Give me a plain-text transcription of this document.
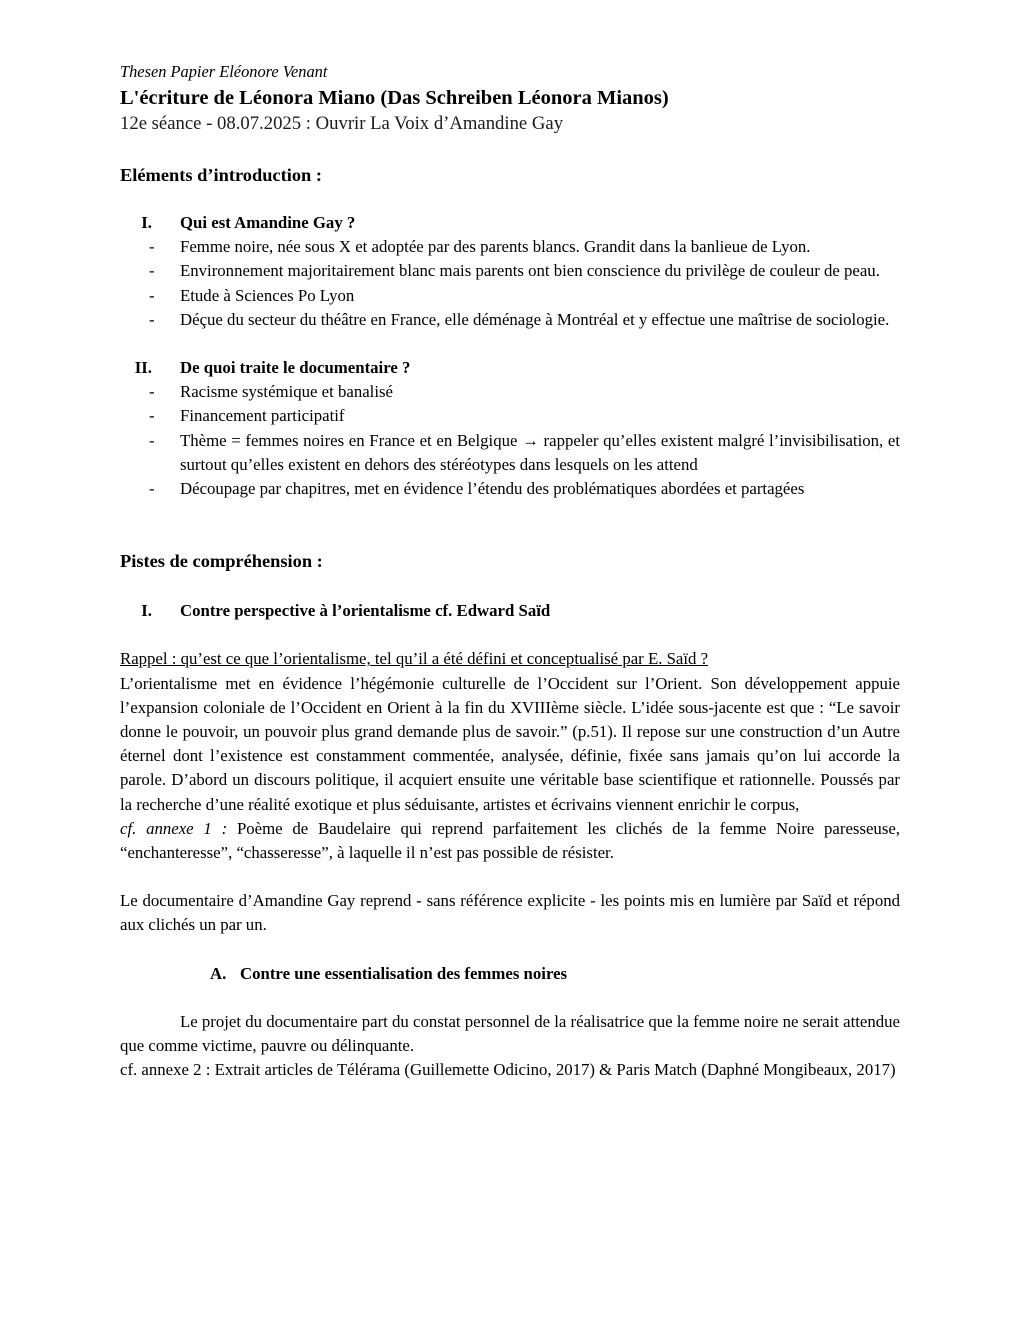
Thesen Papier Eléonore Venant

L'écriture de Léonora Miano (Das Schreiben Léonora Mianos)

12e séance - 08.07.2025 : Ouvrir La Voix d’Amandine Gay

Eléments d’introduction :

I. Qui est Amandine Gay ?

- Femme noire, née sous X et adoptée par des parents blancs. Grandit dans la banlieue de Lyon.
- Environnement majoritairement blanc mais parents ont bien conscience du privilège de couleur de peau.
- Etude à Sciences Po Lyon
- Déçue du secteur du théâtre en France, elle déménage à Montréal et y effectue une maîtrise de sociologie.

II. De quoi traite le documentaire ?

- Racisme systémique et banalisé
- Financement participatif
- Thème = femmes noires en France et en Belgique → rappeler qu’elles existent malgré l’invisibilisation, et surtout qu’elles existent en dehors des stéréotypes dans lesquels on les attend
- Découpage par chapitres, met en évidence l’étendu des problématiques abordées et partagées

Pistes de compréhension :

I. Contre perspective à l’orientalisme cf. Edward Saïd

Rappel : qu’est ce que l’orientalisme, tel qu’il a été défini et conceptualisé par E. Saïd ?

L’orientalisme met en évidence l’hégémonie culturelle de l’Occident sur l’Orient. Son développement appuie l’expansion coloniale de l’Occident en Orient à la fin du XVIIIème siècle. L’idée sous-jacente est que : “Le savoir donne le pouvoir, un pouvoir plus grand demande plus de savoir.” (p.51). Il repose sur une construction d’un Autre éternel dont l’existence est constamment commentée, analysée, définie, fixée sans jamais qu’on lui accorde la parole. D’abord un discours politique, il acquiert ensuite une véritable base scientifique et rationnelle. Poussés par la recherche d’une réalité exotique et plus séduisante, artistes et écrivains viennent enrichir le corpus,

cf. annexe 1 : Poème de Baudelaire qui reprend parfaitement les clichés de la femme Noire paresseuse, “enchanteresse”, “chasseresse”, à laquelle il n’est pas possible de résister.

Le documentaire d’Amandine Gay reprend - sans référence explicite - les points mis en lumière par Saïd et répond aux clichés un par un.

A. Contre une essentialisation des femmes noires

Le projet du documentaire part du constat personnel de la réalisatrice que la femme noire ne serait attendue que comme victime, pauvre ou délinquante.

cf. annexe 2 : Extrait articles de Télérama (Guillemette Odicino, 2017) & Paris Match (Daphné Mongibeaux, 2017)
